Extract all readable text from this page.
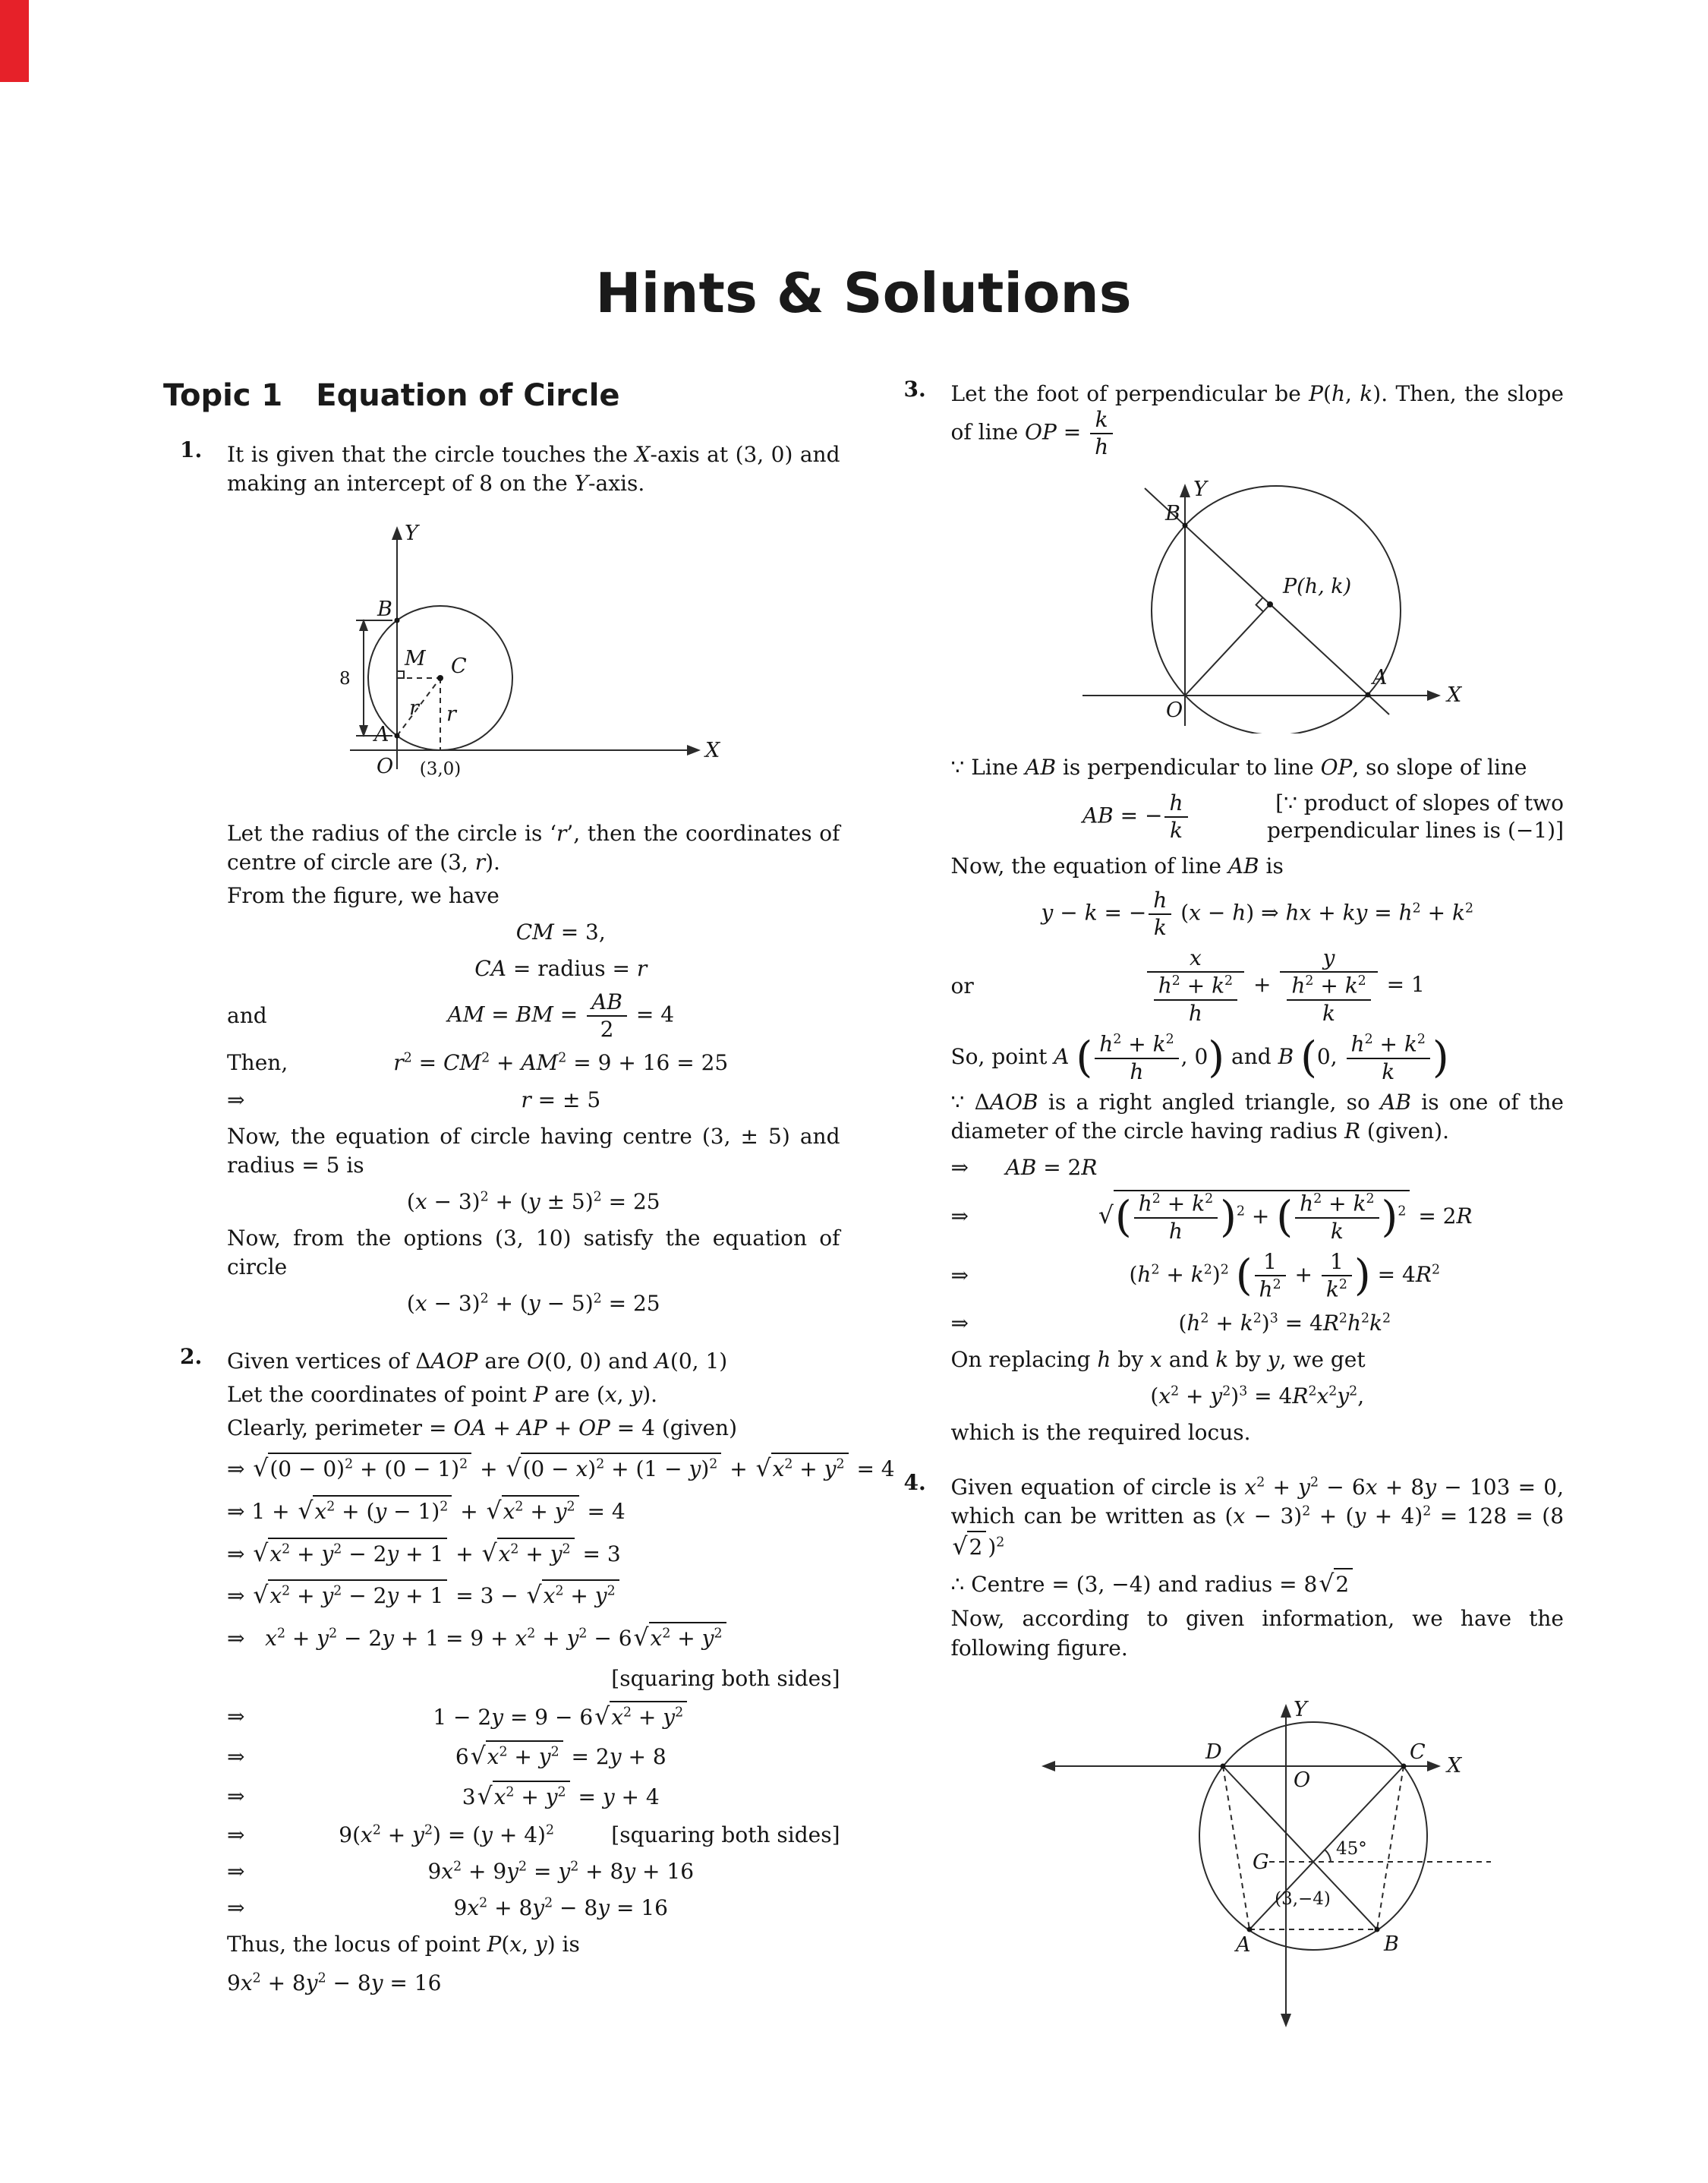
Hints & Solutions
Topic 1 Equation of Circle
1.	It is given that the circle touches the X-axis at (3, 0) and making an intercept of 8 on the Y-axis.

Y
B
M C
8
A
r r
O (3,0)
X

Let the radius of the circle is ‘r’, then the coordinates of centre of circle are (3, r).

From the figure, we have

CM = 3,
CA = radius = r
and	AM = BM = $\frac{AB}{2} = 4$
Then,	$r^2 = CM^2 + AM^2 = 9 + 16 = 25$
⇒	r = ± 5

Now, the equation of circle having centre (3, ± 5) and radius = 5 is

$(x - 3)^2 + (y \pm 5)^2 = 25$

Now, from the options (3, 10) satisfy the equation of circle

$(x - 3)^2 + (y - 5)^2 = 25$
2.	Given vertices of ΔAOP are O(0, 0) and A(0, 1)

Let the coordinates of point P are (x, y).

Clearly, perimeter = OA + AP + OP = 4 (given)

⇒ √ $(0 - 0)^2 + (0 - 1)^2$ + √ $(0 - x)^2 + (1 - y)^2$ + √ $x^2 + y^2 = 4$
⇒ 1 + √ $x^2 + (y - 1)^2$ + √ $x^2 + y^2 = 4$
⇒ √ $x^2 + y^2 - 2y + 1$ + √ $x^2 + y^2 = 3$
⇒ √ $x^2 + y^2 - 2y + 1 = 3$ − √ $x^2 + y^2$
⇒   $x^2 + y^2 - 2y + 1 = 9 + x^2 + y^2 - 6$ √ $x^2 + y^2$
[squaring both sides]
⇒	1 − 2y = 9 − 6 √ $x^2 + y^2$
⇒	6 √ $x^2 + y^2 = 2y + 8$
⇒	3 √ $x^2 + y^2 = y + 4$
⇒	$9(x^2 + y^2) = (y + 4)^2$	[squaring both sides]
⇒	$9x^2 + 9y^2 = y^2 + 8y + 16$
⇒	$9x^2 + 8y^2 - 8y = 16$

Thus, the locus of point P(x, y) is

$9x^2 + 8y^2 - 8y = 16$
3.	Let the foot of perpendicular be P(h, k). Then, the slope of line OP = $\frac{k}{h}$

Y
B
P(h, k)
A
O
X

∵ Line AB is perpendicular to line OP, so slope of line

AB = − $\frac{h}{k}$	[∵ product of slopes of two
perpendicular lines is (−1)]

Now, the equation of line AB is

y − k = − $\frac{h}{k} (x - h)$ ⇒ hx + ky = $h^2 + k^2$
or	$\frac{x}{\frac{h^2 + k^2}{h}} + \frac{y}{\frac{h^2 + k^2}{k}} = 1$

So, point A ( $\frac{h^2 + k^2}{h}$ , 0) and B (0, $\frac{h^2 + k^2}{k}$ )

∵ ΔAOB is a right angled triangle, so AB is one of the diameter of the circle having radius R (given).

⇒	AB = 2R
⇒	√ ( $\frac{h^2 + k^2}{h} )^2$ + ( $\frac{h^2 + k^2}{k} )^2 = 2R$
⇒	$(h^2 + k^2)^2$ ( $\frac{1}{h^2} + \frac{1}{k^2}$ ) = $4R^2$
⇒	$(h^2 + k^2)^3 = 4R^2h^2k^2$

On replacing h by x and k by y, we get

$(x^2 + y^2)^3 = 4R^2x^2y^2$,

which is the required locus.

4.	Given equation of circle is $x^2 + y^2 - 6x + 8y - 103 = 0$, which can be written as $(x - 3)^2 + (y + 4)^2 = 128 = (8√$ 2 )$^2$

∴ Centre = (3, −4) and radius = 8 √ 2

Now, according to given information, we have the following figure.

Y
X
O
D	C
G
45°
(3,−4)
A	B
